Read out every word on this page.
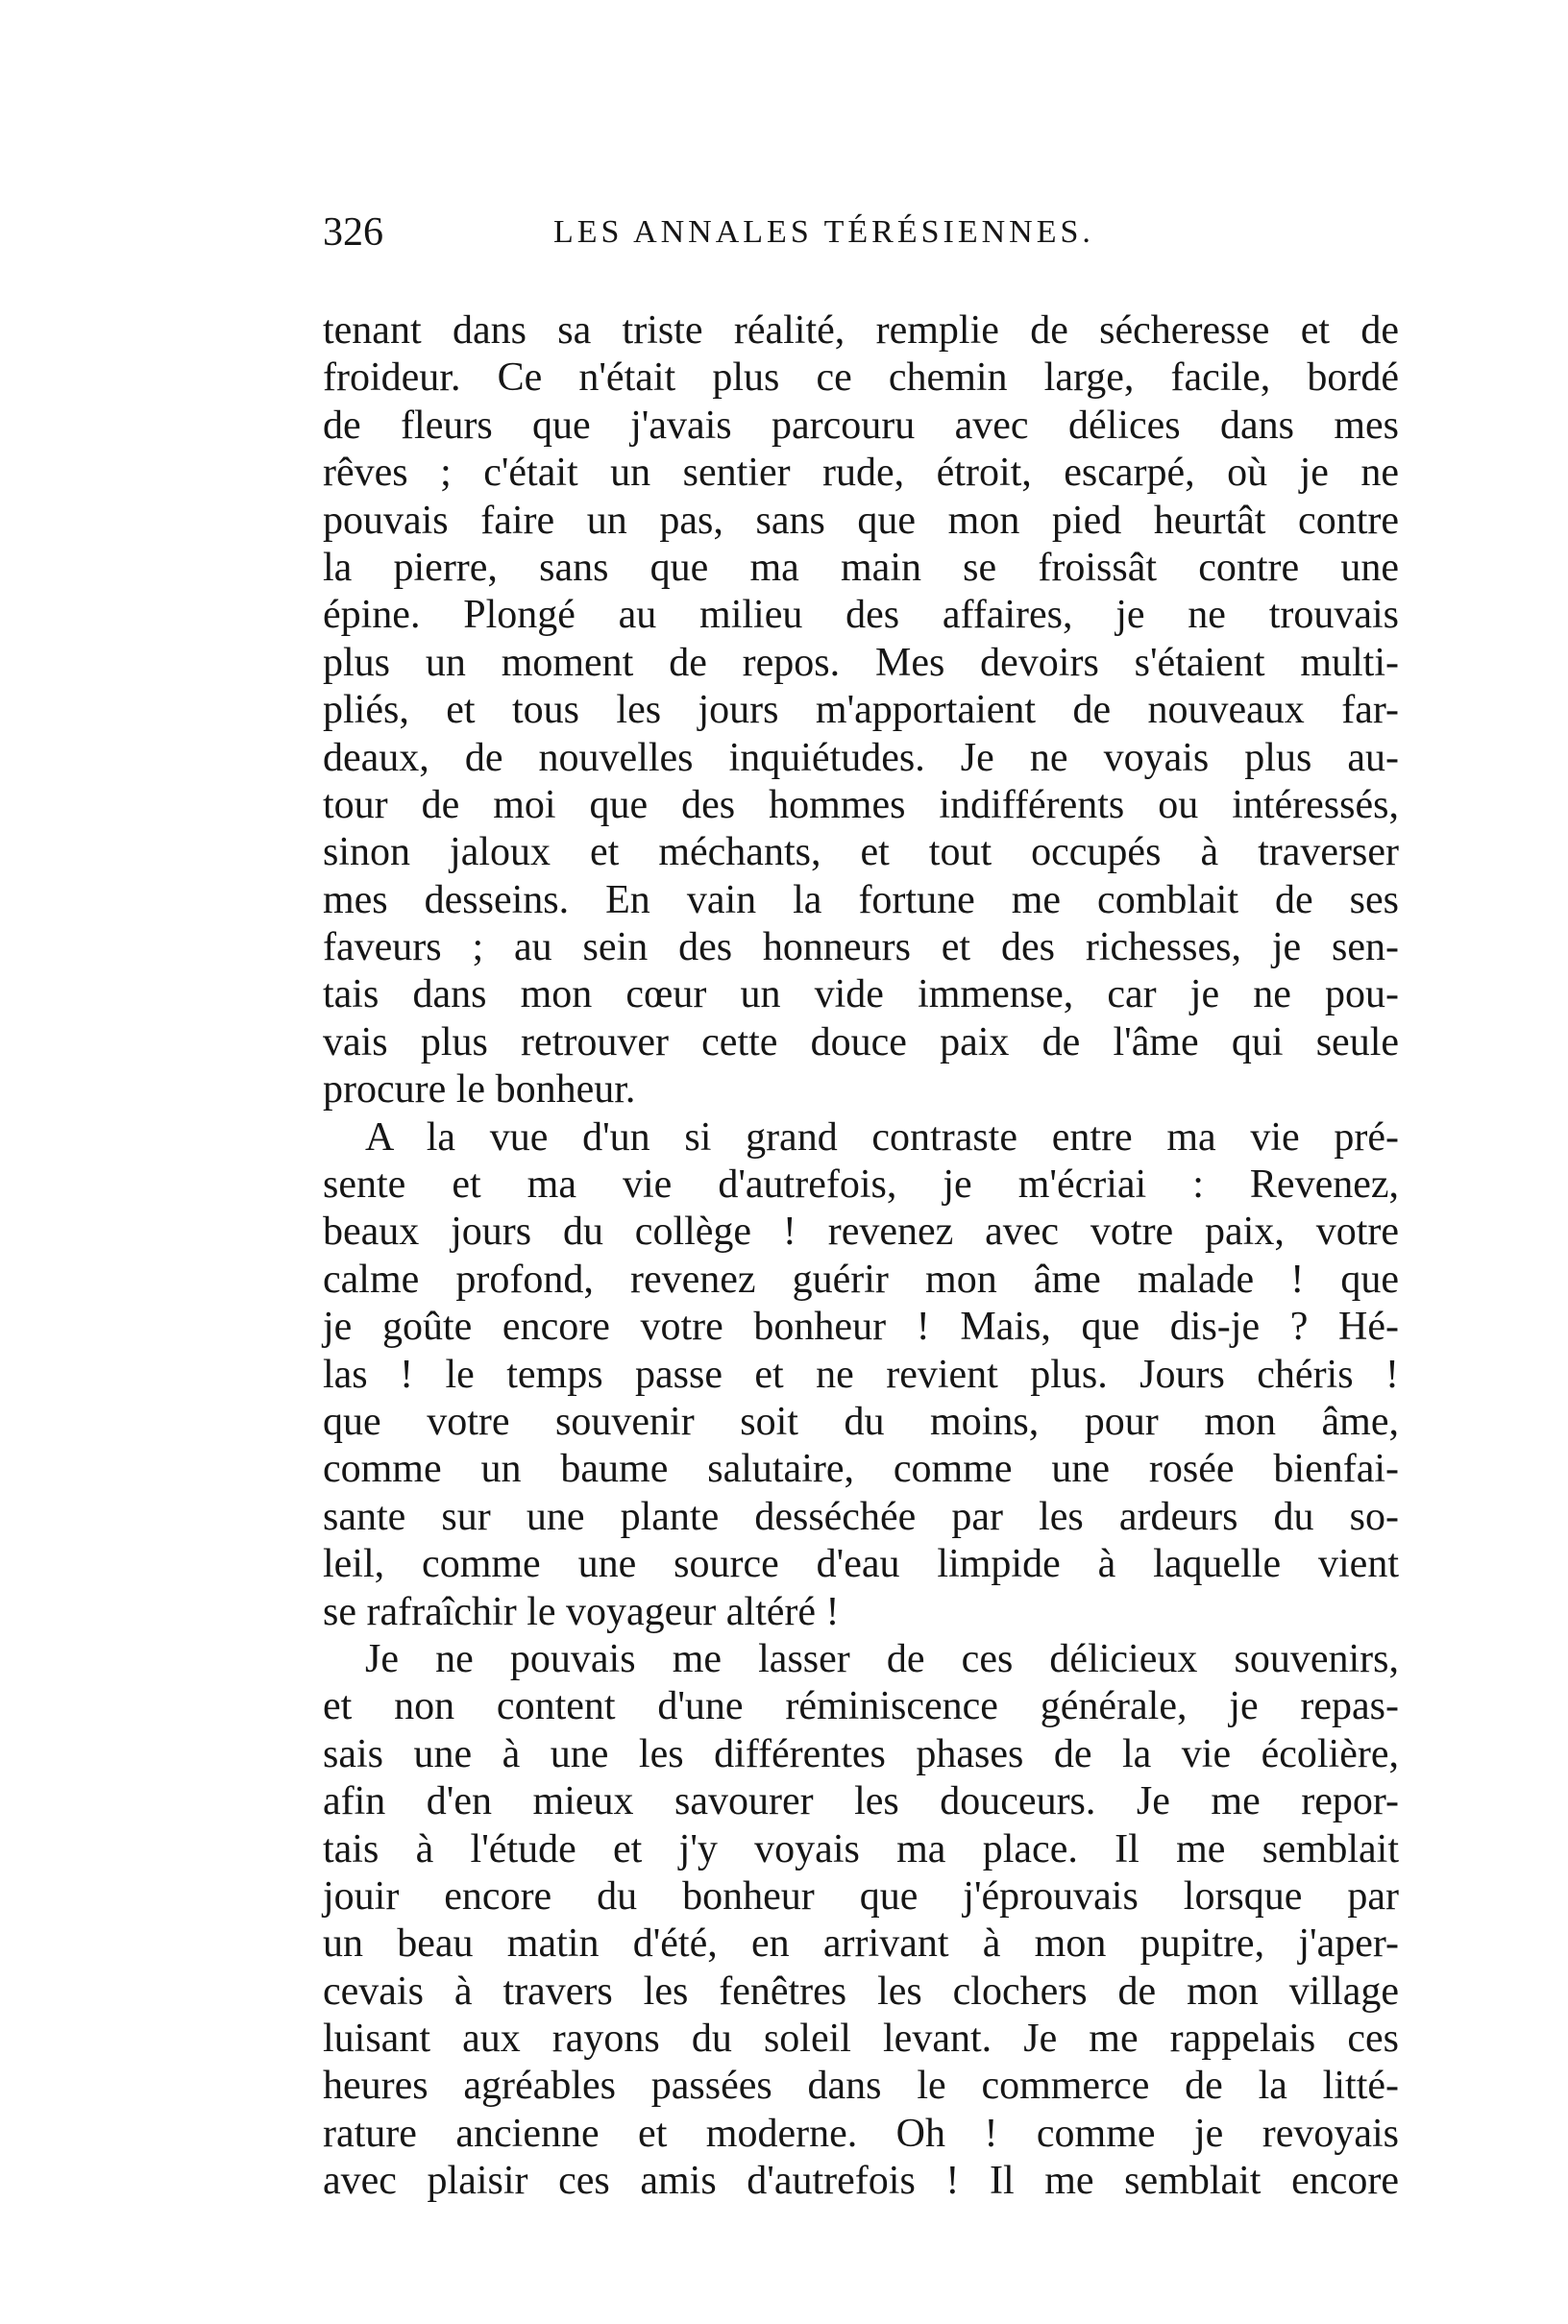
326	LES ANNALES TÉRÉSIENNES.
tenant dans sa triste réalité, remplie de sécheresse et de
froideur. Ce n'était plus ce chemin large, facile, bordé
de fleurs que j'avais parcouru avec délices dans mes
rêves ; c'était un sentier rude, étroit, escarpé, où je ne
pouvais faire un pas, sans que mon pied heurtât contre
la pierre, sans que ma main se froissât contre une
épine. Plongé au milieu des affaires, je ne trouvais
plus un moment de repos. Mes devoirs s'étaient multi-
pliés, et tous les jours m'apportaient de nouveaux far-
deaux, de nouvelles inquiétudes. Je ne voyais plus au-
tour de moi que des hommes indifférents ou intéressés,
sinon jaloux et méchants, et tout occupés à traverser
mes desseins. En vain la fortune me comblait de ses
faveurs ; au sein des honneurs et des richesses, je sen-
tais dans mon cœur un vide immense, car je ne pou-
vais plus retrouver cette douce paix de l'âme qui seule
procure le bonheur.
A la vue d'un si grand contraste entre ma vie pré-
sente et ma vie d'autrefois, je m'écriai : Revenez,
beaux jours du collège ! revenez avec votre paix, votre
calme profond, revenez guérir mon âme malade ! que
je goûte encore votre bonheur ! Mais, que dis-je ? Hé-
las ! le temps passe et ne revient plus. Jours chéris !
que votre souvenir soit du moins, pour mon âme,
comme un baume salutaire, comme une rosée bienfai-
sante sur une plante desséchée par les ardeurs du so-
leil, comme une source d'eau limpide à laquelle vient
se rafraîchir le voyageur altéré !
Je ne pouvais me lasser de ces délicieux souvenirs,
et non content d'une réminiscence générale, je repas-
sais une à une les différentes phases de la vie écolière,
afin d'en mieux savourer les douceurs. Je me repor-
tais à l'étude et j'y voyais ma place. Il me semblait
jouir encore du bonheur que j'éprouvais lorsque par
un beau matin d'été, en arrivant à mon pupitre, j'aper-
cevais à travers les fenêtres les clochers de mon village
luisant aux rayons du soleil levant. Je me rappelais ces
heures agréables passées dans le commerce de la litté-
rature ancienne et moderne. Oh ! comme je revoyais
avec plaisir ces amis d'autrefois ! Il me semblait encore
